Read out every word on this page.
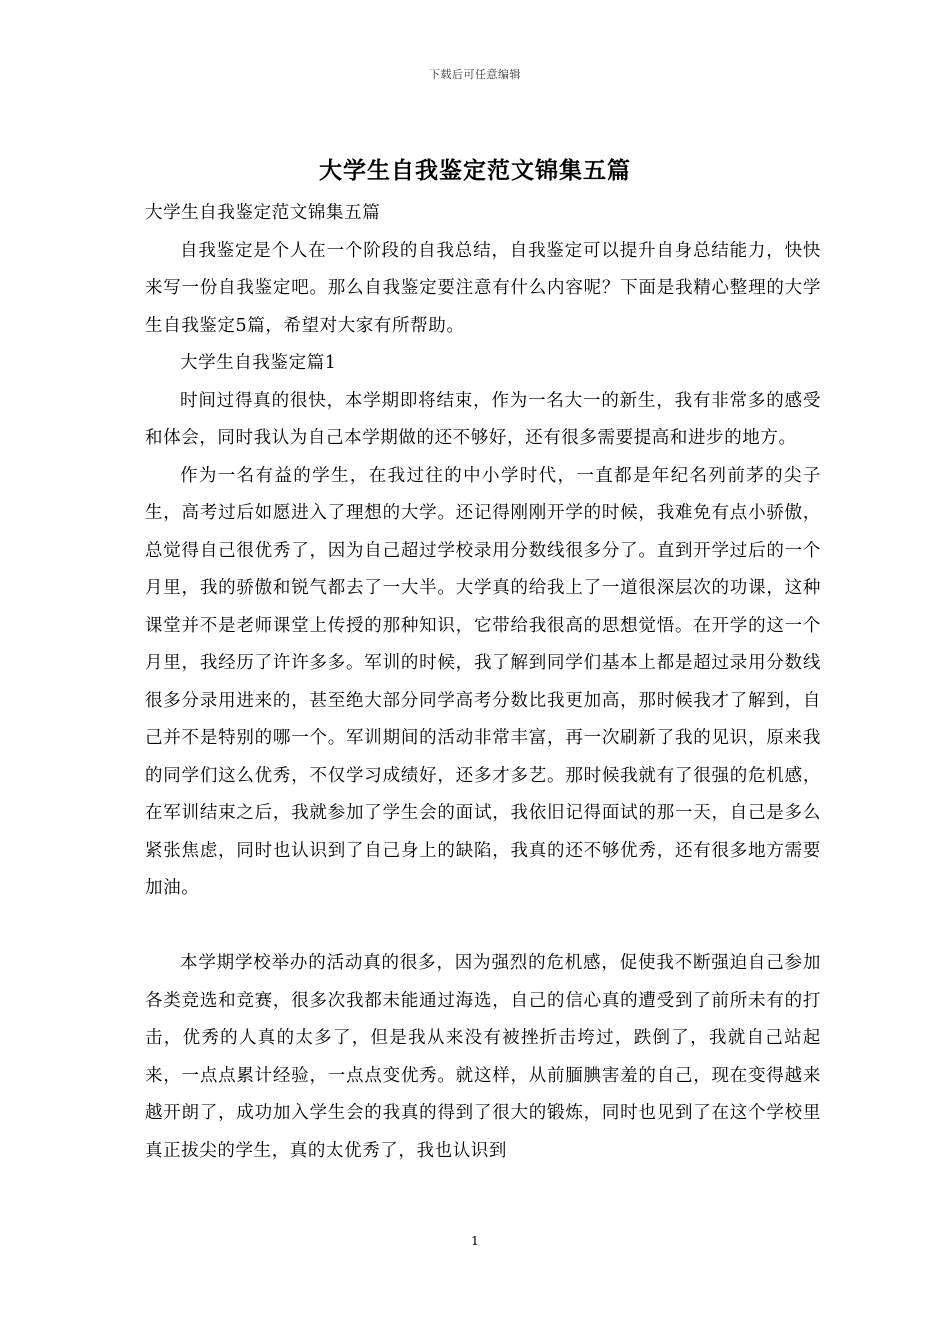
下载后可任意编辑
大学生自我鉴定范文锦集五篇

大学生自我鉴定范文锦集五篇

自我鉴定是个人在一个阶段的自我总结，自我鉴定可以提升自身总结能力，快快来写一份自我鉴定吧。那么自我鉴定要注意有什么内容呢？下面是我精心整理的大学生自我鉴定5篇，希望对大家有所帮助。

大学生自我鉴定篇1

时间过得真的很快，本学期即将结束，作为一名大一的新生，我有非常多的感受和体会，同时我认为自己本学期做的还不够好，还有很多需要提高和进步的地方。

作为一名有益的学生，在我过往的中小学时代，一直都是年纪名列前茅的尖子生，高考过后如愿进入了理想的大学。还记得刚刚开学的时候，我难免有点小骄傲，总觉得自己很优秀了，因为自己超过学校录用分数线很多分了。直到开学过后的一个月里，我的骄傲和锐气都去了一大半。大学真的给我上了一道很深层次的功课，这种课堂并不是老师课堂上传授的那种知识，它带给我很高的思想觉悟。在开学的这一个月里，我经历了许许多多。军训的时候，我了解到同学们基本上都是超过录用分数线很多分录用进来的，甚至绝大部分同学高考分数比我更加高，那时候我才了解到，自己并不是特别的哪一个。军训期间的活动非常丰富，再一次刷新了我的见识，原来我的同学们这么优秀，不仅学习成绩好，还多才多艺。那时候我就有了很强的危机感，在军训结束之后，我就参加了学生会的面试，我依旧记得面试的那一天，自己是多么紧张焦虑，同时也认识到了自己身上的缺陷，我真的还不够优秀，还有很多地方需要加油。

本学期学校举办的活动真的很多，因为强烈的危机感，促使我不断强迫自己参加各类竞选和竞赛，很多次我都未能通过海选，自己的信心真的遭受到了前所未有的打击，优秀的人真的太多了，但是我从来没有被挫折击垮过，跌倒了，我就自己站起来，一点点累计经验，一点点变优秀。就这样，从前腼腆害羞的自己，现在变得越来越开朗了，成功加入学生会的我真的得到了很大的锻炼，同时也见到了在这个学校里真正拔尖的学生，真的太优秀了，我也认识到

1
